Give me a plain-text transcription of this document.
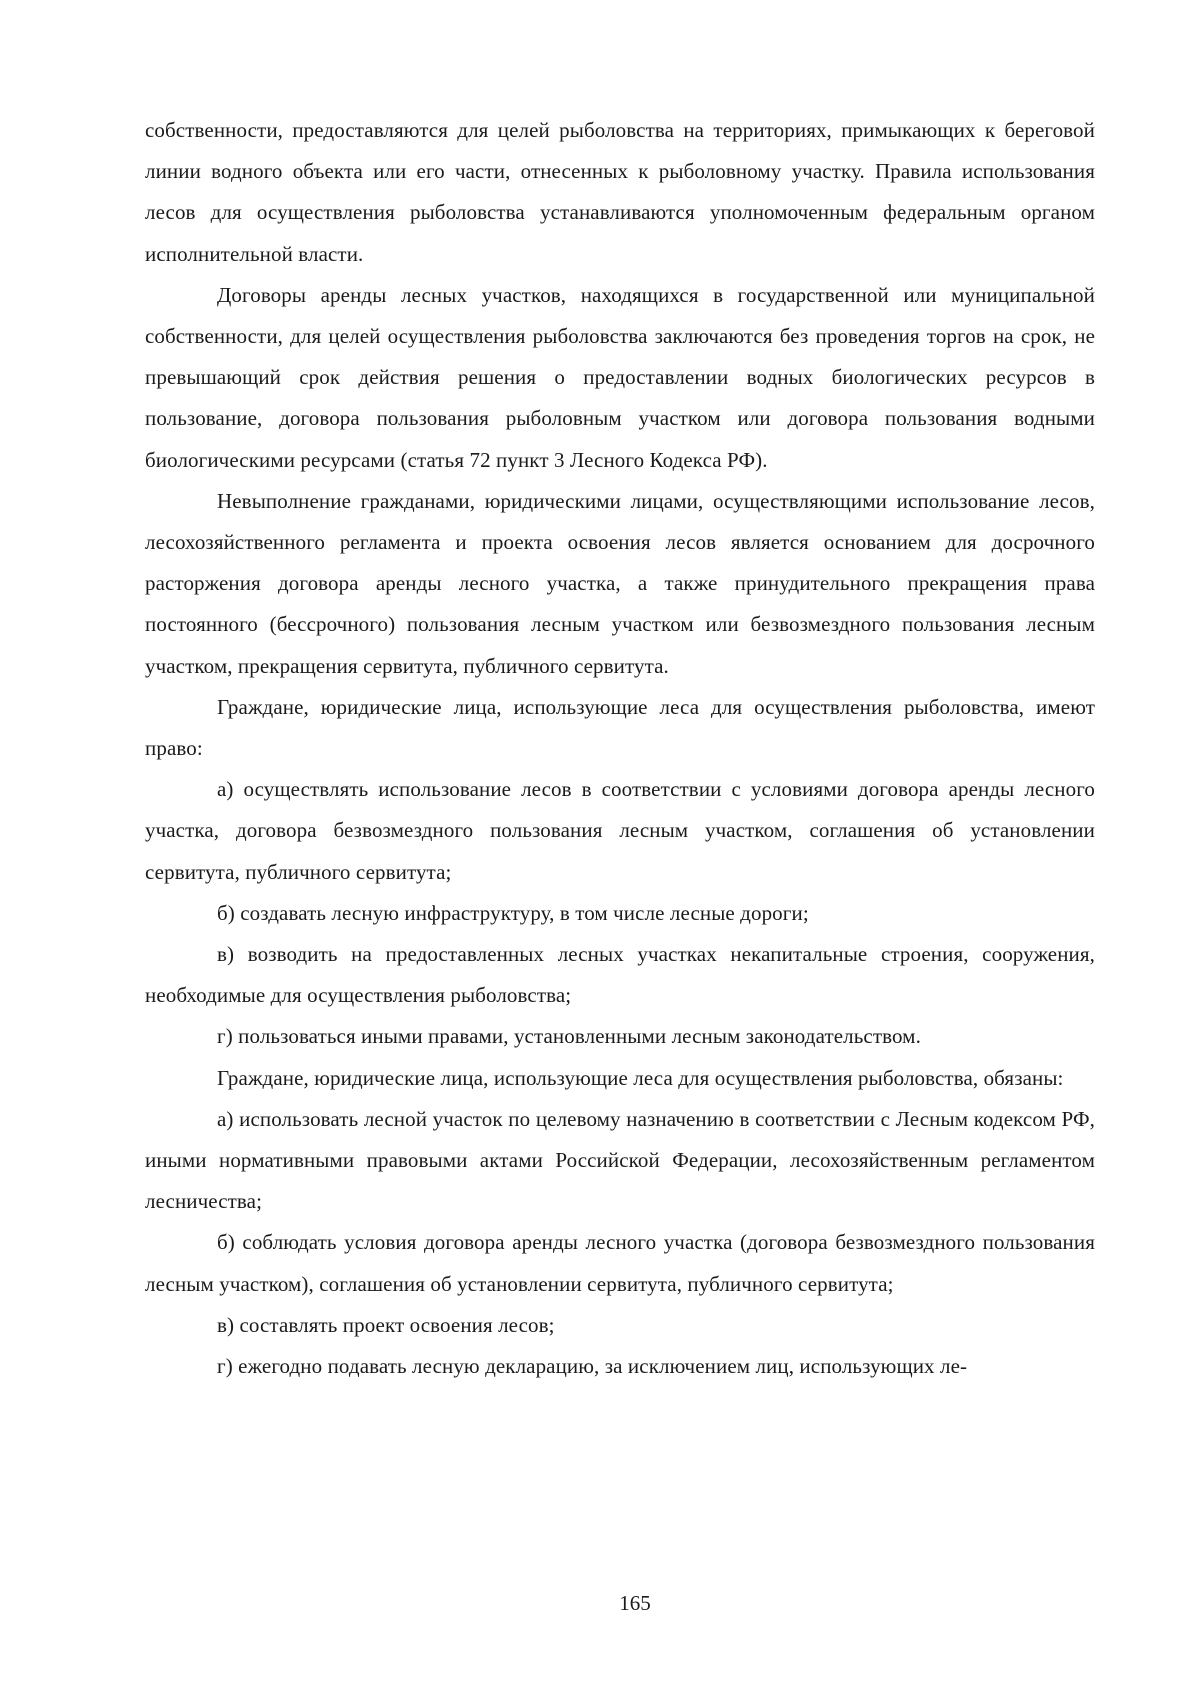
собственности, предоставляются для целей рыболовства на территориях, примыкающих к береговой линии водного объекта или его части, отнесенных к рыболовному участку. Правила использования лесов для осуществления рыболовства устанавливаются уполномоченным федеральным органом исполнительной власти.

Договоры аренды лесных участков, находящихся в государственной или муниципальной собственности, для целей осуществления рыболовства заключаются без проведения торгов на срок, не превышающий срок действия решения о предоставлении водных биологических ресурсов в пользование, договора пользования рыболовным участком или договора пользования водными биологическими ресурсами (статья 72 пункт 3 Лесного Кодекса РФ).

Невыполнение гражданами, юридическими лицами, осуществляющими использование лесов, лесохозяйственного регламента и проекта освоения лесов является основанием для досрочного расторжения договора аренды лесного участка, а также принудительного прекращения права постоянного (бессрочного) пользования лесным участком или безвозмездного пользования лесным участком, прекращения сервитута, публичного сервитута.

Граждане, юридические лица, использующие леса для осуществления рыболовства, имеют право:

а) осуществлять использование лесов в соответствии с условиями договора аренды лесного участка, договора безвозмездного пользования лесным участком, соглашения об установлении сервитута, публичного сервитута;

б) создавать лесную инфраструктуру, в том числе лесные дороги;

в) возводить на предоставленных лесных участках некапитальные строения, сооружения, необходимые для осуществления рыболовства;

г) пользоваться иными правами, установленными лесным законодательством.

Граждане, юридические лица, использующие леса для осуществления рыболовства, обязаны:

а) использовать лесной участок по целевому назначению в соответствии с Лесным кодексом РФ, иными нормативными правовыми актами Российской Федерации, лесохозяйственным регламентом лесничества;

б) соблюдать условия договора аренды лесного участка (договора безвозмездного пользования лесным участком), соглашения об установлении сервитута, публичного сервитута;

в) составлять проект освоения лесов;

г) ежегодно подавать лесную декларацию, за исключением лиц, использующих ле-

165
